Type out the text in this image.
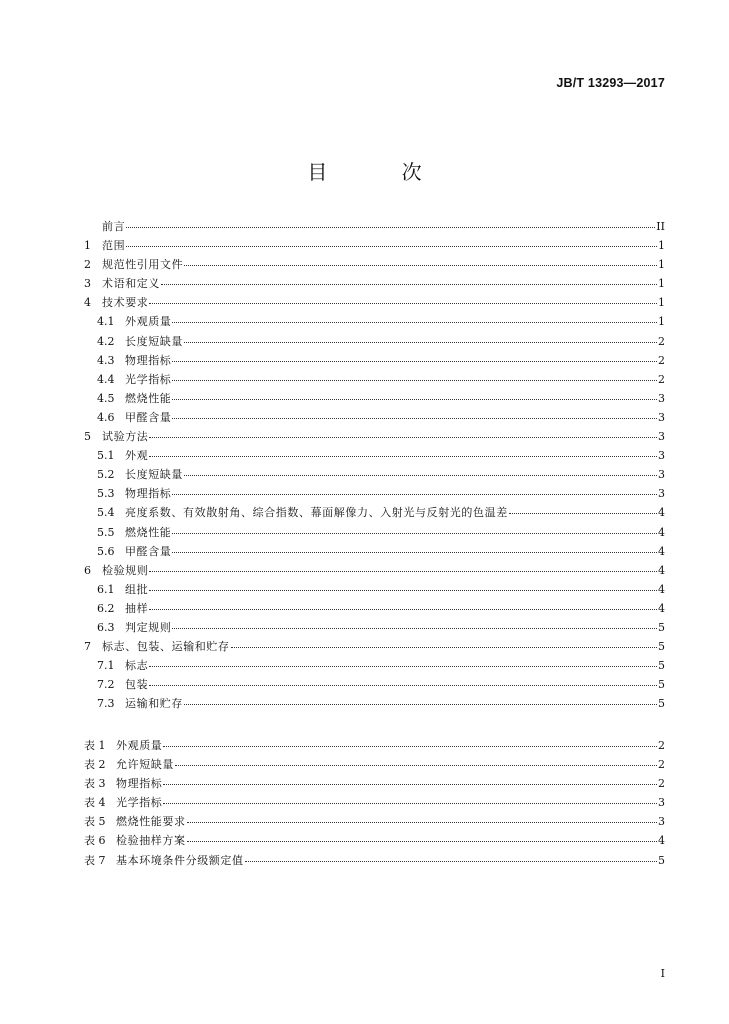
JB/T 13293—2017
目 次
前言	II
1	范围	1
2	规范性引用文件	1
3	术语和定义	1
4	技术要求	1
4.1 外观质量	1
4.2 长度短缺量	2
4.3 物理指标	2
4.4 光学指标	2
4.5 燃烧性能	3
4.6 甲醛含量	3
5	试验方法	3
5.1 外观	3
5.2 长度短缺量	3
5.3 物理指标	3
5.4 亮度系数、有效散射角、综合指数、幕面解像力、入射光与反射光的色温差	4
5.5 燃烧性能	4
5.6 甲醛含量	4
6	检验规则	4
6.1 组批	4
6.2 抽样	4
6.3 判定规则	5
7	标志、包装、运输和贮存	5
7.1 标志	5
7.2 包装	5
7.3 运输和贮存	5
表 1 外观质量	2
表 2 允许短缺量	2
表 3 物理指标	2
表 4 光学指标	3
表 5 燃烧性能要求	3
表 6 检验抽样方案	4
表 7 基本环境条件分级额定值	5
I
